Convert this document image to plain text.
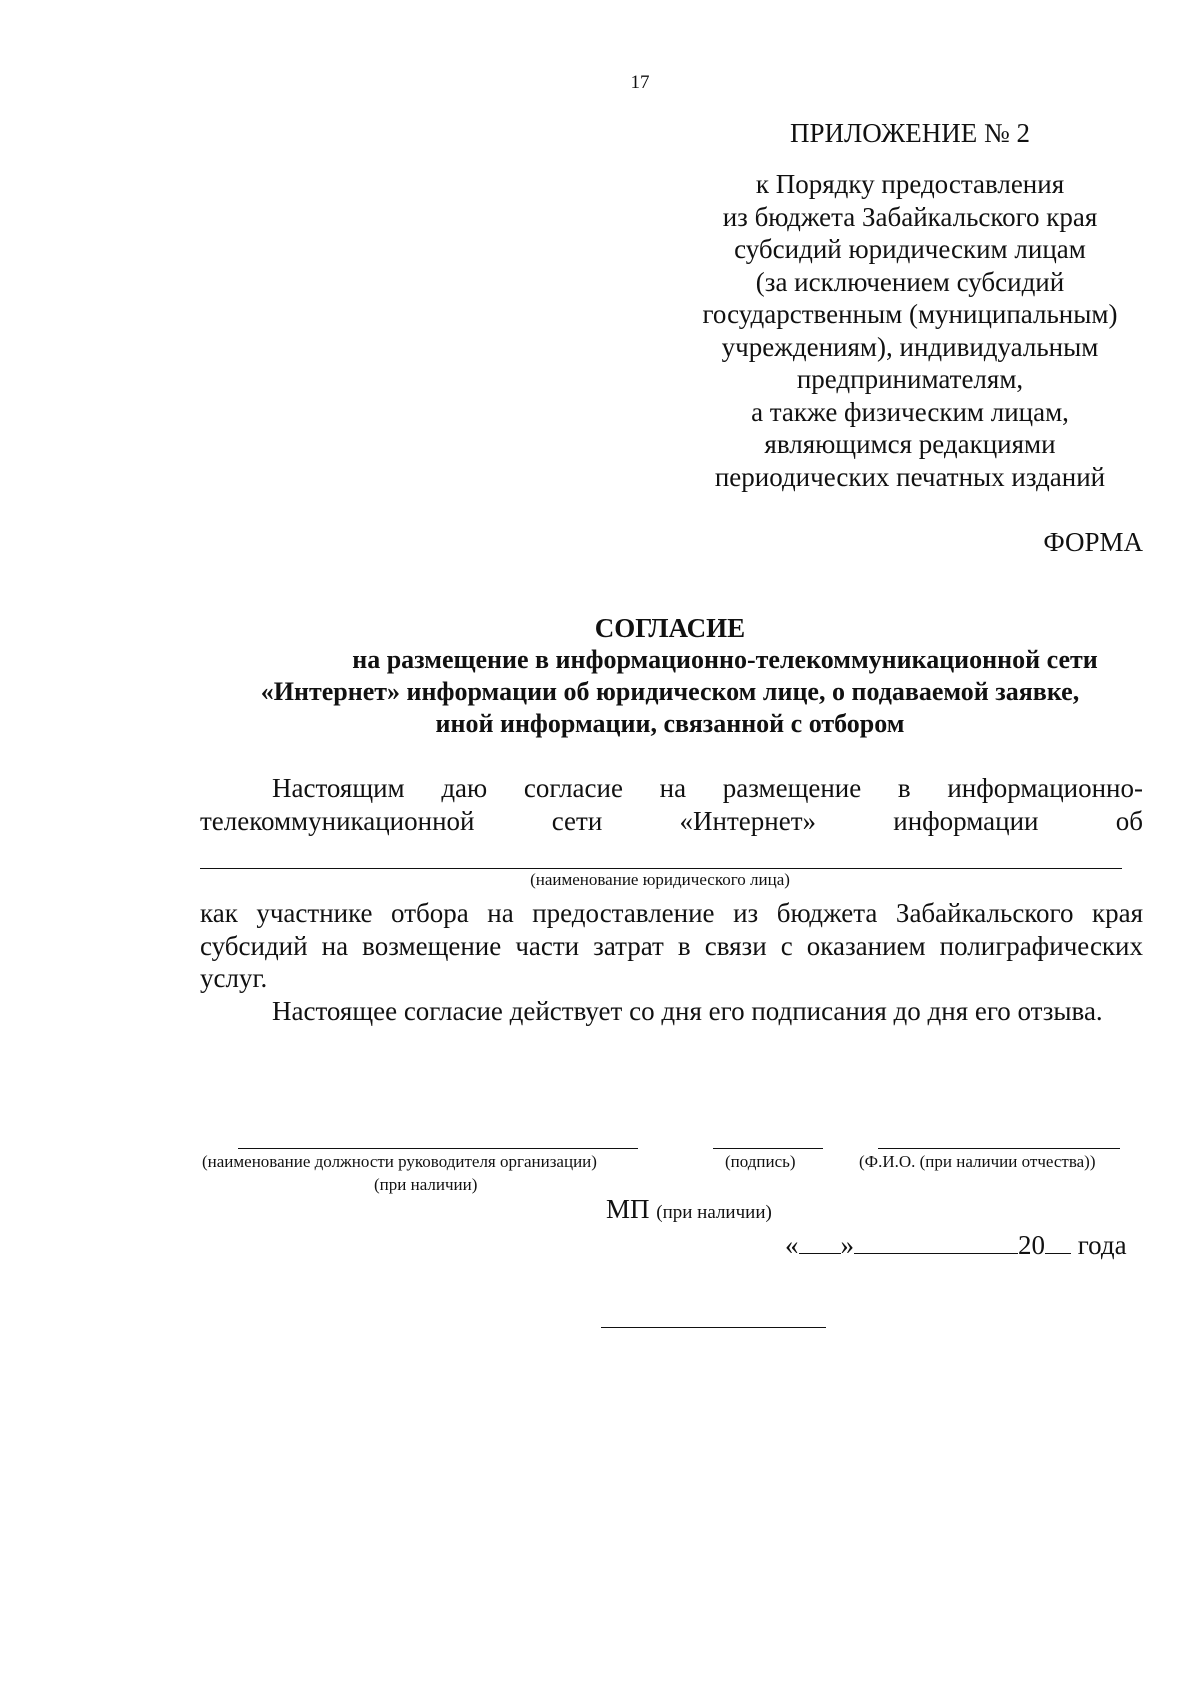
17
ПРИЛОЖЕНИЕ № 2
к Порядку предоставления
из бюджета Забайкальского края
субсидий юридическим лицам
(за исключением субсидий
государственным (муниципальным)
учреждениям), индивидуальным
предпринимателям,
а также физическим лицам,
являющимся редакциями
периодических печатных изданий
ФОРМА
СОГЛАСИЕ
на размещение в информационно-телекоммуникационной сети
«Интернет» информации об юридическом лице, о подаваемой заявке,
иной информации, связанной с отбором
Настоящим даю согласие на размещение в информационно-
телекоммуникационной	сети	«Интернет»	информации	об
(наименование юридического лица)

как участнике отбора на предоставление из бюджета Забайкальского края субсидий на возмещение части затрат в связи с оказанием полиграфических услуг.

Настоящее согласие действует со дня его подписания до дня его отзыва.

(наименование должности руководителя организации)
(при наличии)
(подпись)	(Ф.И.О. (при наличии отчества))
МП (при наличии)
« »	20 года
